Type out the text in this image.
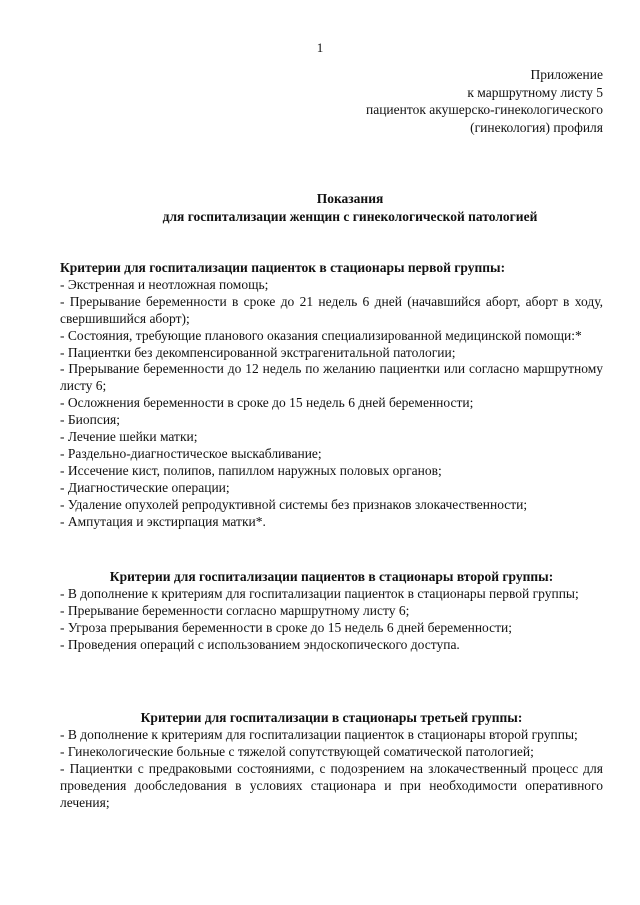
1
Приложение
к маршрутному листу 5
пациенток акушерско-гинекологического
(гинекология) профиля
Показания
для госпитализации женщин с гинекологической патологией
Критерии для госпитализации пациенток в стационары первой группы:
- Экстренная и неотложная помощь;
- Прерывание беременности в сроке до 21 недель 6 дней (начавшийся аборт, аборт в ходу, свершившийся аборт);
- Состояния, требующие планового оказания специализированной медицинской помощи:*
- Пациентки без декомпенсированной экстрагенитальной патологии;
- Прерывание беременности до 12 недель по желанию пациентки или согласно маршрутному листу 6;
- Осложнения беременности в сроке до 15 недель 6 дней беременности;
- Биопсия;
- Лечение шейки матки;
- Раздельно-диагностическое выскабливание;
- Иссечение кист, полипов, папиллом наружных половых органов;
- Диагностические операции;
- Удаление опухолей репродуктивной системы без признаков злокачественности;
- Ампутация и экстирпация матки*.
Критерии для госпитализации пациентов в стационары второй группы:
- В дополнение к критериям для госпитализации пациенток в стационары первой группы;
- Прерывание беременности согласно маршрутному листу 6;
- Угроза прерывания беременности в сроке до 15 недель 6 дней беременности;
- Проведения операций с использованием эндоскопического доступа.
Критерии для госпитализации в стационары третьей группы:
- В дополнение к критериям для госпитализации пациенток в стационары второй группы;
- Гинекологические больные с тяжелой сопутствующей соматической патологией;
- Пациентки с предраковыми состояниями, с подозрением на злокачественный процесс для проведения дообследования в условиях стационара и при необходимости оперативного лечения;
